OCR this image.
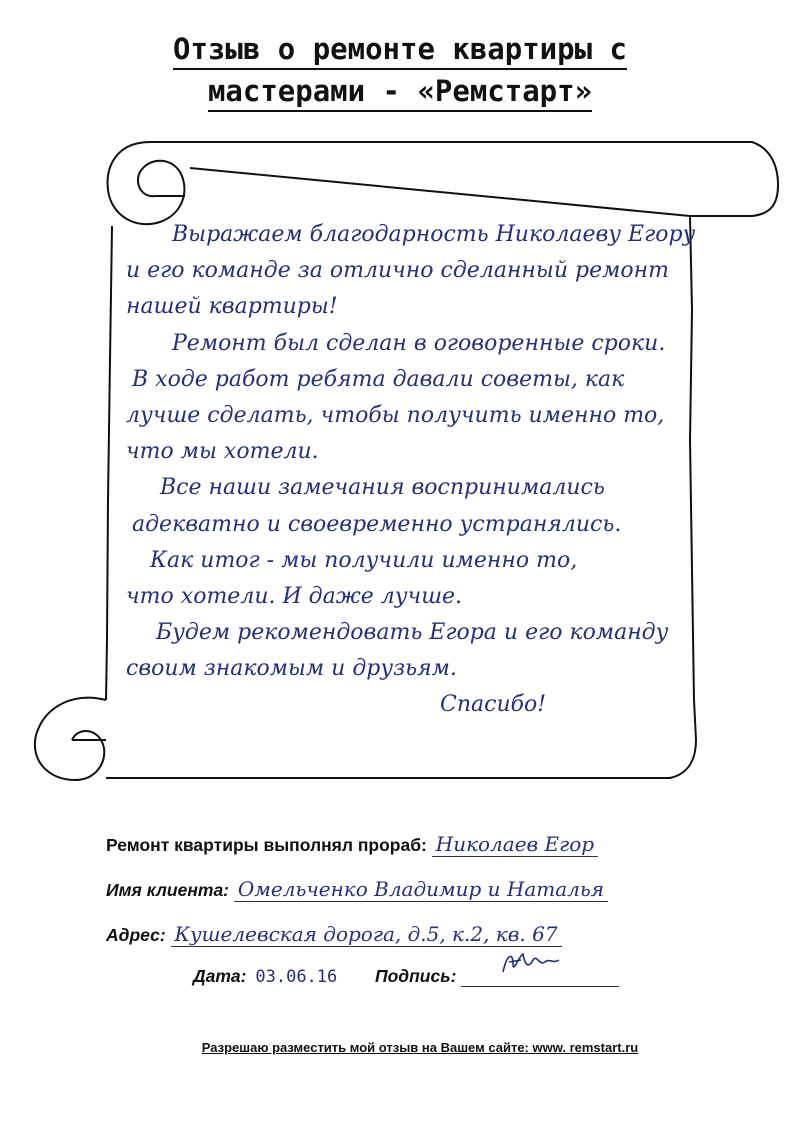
Отзыв о ремонте квартиры с
мастерами - «Ремстарт»
Выражаем благодарность Николаеву Егору
и его команде за отлично сделанный ремонт
нашей квартиры!
Ремонт был сделан в оговоренные сроки.
В ходе работ ребята давали советы, как
лучше сделать, чтобы получить именно то,
что мы хотели.
Все наши замечания воспринимались
адекватно и своевременно устранялись.
Как итог - мы получили именно то,
что хотели. И даже лучше.
Будем рекомендовать Егора и его команду
своим знакомым и друзьям.
Спасибо!
Ремонт квартиры выполнял прораб: Николаев Егор
Имя клиента: Омельченко Владимир и Наталья
Адрес: Кушелевская дорога, д.5, к.2, кв. 67
Дата: 03.06.16 Подпись:
Разрешаю разместить мой отзыв на Вашем сайте: www. remstart.ru
